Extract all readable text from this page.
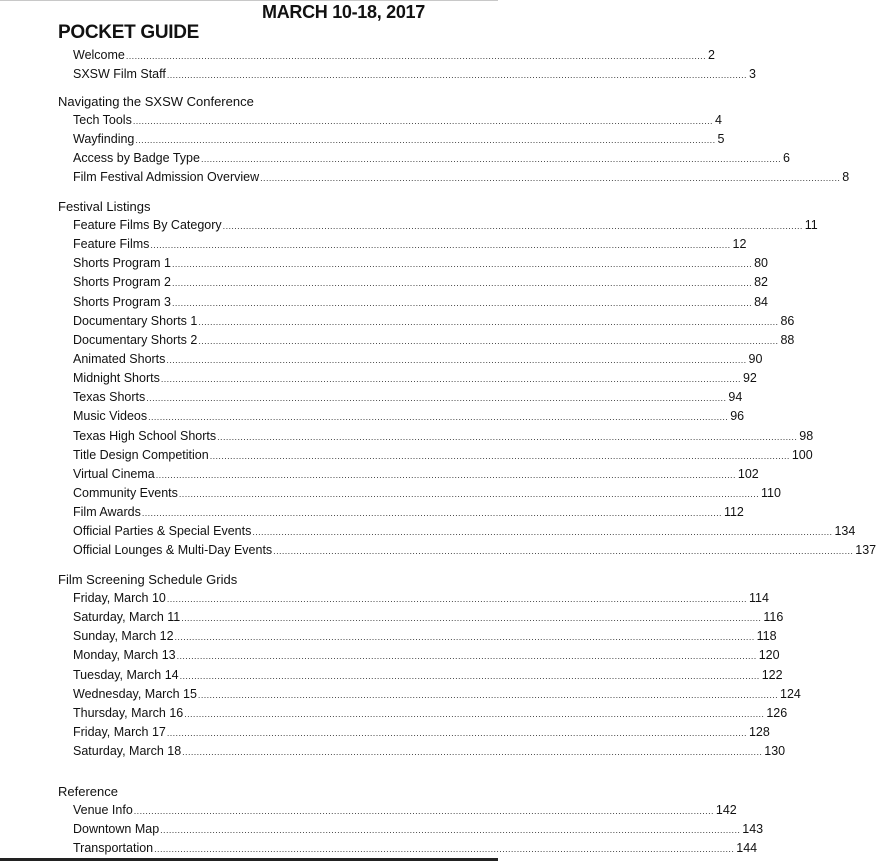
MARCH 10-18, 2017
POCKET GUIDE
Welcome ........................................................................................................................................................................................................ 2
SXSW Film Staff ........................................................................................................................................................................................................ 3
Navigating the SXSW Conference
Tech Tools ........................................................................................................................................................................................................ 4
Wayfinding ........................................................................................................................................................................................................ 5
Access by Badge Type ........................................................................................................................................................................................................ 6
Film Festival Admission Overview ........................................................................................................................................................................................................ 8
Festival Listings
Feature Films By Category ........................................................................................................................................................................................................ 11
Feature Films ........................................................................................................................................................................................................ 12
Shorts Program 1 ........................................................................................................................................................................................................ 80
Shorts Program 2 ........................................................................................................................................................................................................ 82
Shorts Program 3 ........................................................................................................................................................................................................ 84
Documentary Shorts 1 ........................................................................................................................................................................................................ 86
Documentary Shorts 2 ........................................................................................................................................................................................................ 88
Animated Shorts ........................................................................................................................................................................................................ 90
Midnight Shorts ........................................................................................................................................................................................................ 92
Texas Shorts ........................................................................................................................................................................................................ 94
Music Videos ........................................................................................................................................................................................................ 96
Texas High School Shorts ........................................................................................................................................................................................................ 98
Title Design Competition ........................................................................................................................................................................................................ 100
Virtual Cinema ........................................................................................................................................................................................................ 102
Community Events ........................................................................................................................................................................................................ 110
Film Awards ........................................................................................................................................................................................................ 112
Official Parties & Special Events ........................................................................................................................................................................................................ 134
Official Lounges & Multi-Day Events ........................................................................................................................................................................................................ 137
Film Screening Schedule Grids
Friday, March 10 ........................................................................................................................................................................................................ 114
Saturday, March 11 ........................................................................................................................................................................................................ 116
Sunday, March 12 ........................................................................................................................................................................................................ 118
Monday, March 13 ........................................................................................................................................................................................................ 120
Tuesday, March 14 ........................................................................................................................................................................................................ 122
Wednesday, March 15 ........................................................................................................................................................................................................ 124
Thursday, March 16 ........................................................................................................................................................................................................ 126
Friday, March 17 ........................................................................................................................................................................................................ 128
Saturday, March 18 ........................................................................................................................................................................................................ 130
Reference
Venue Info ........................................................................................................................................................................................................ 142
Downtown Map ........................................................................................................................................................................................................ 143
Transportation ........................................................................................................................................................................................................ 144
